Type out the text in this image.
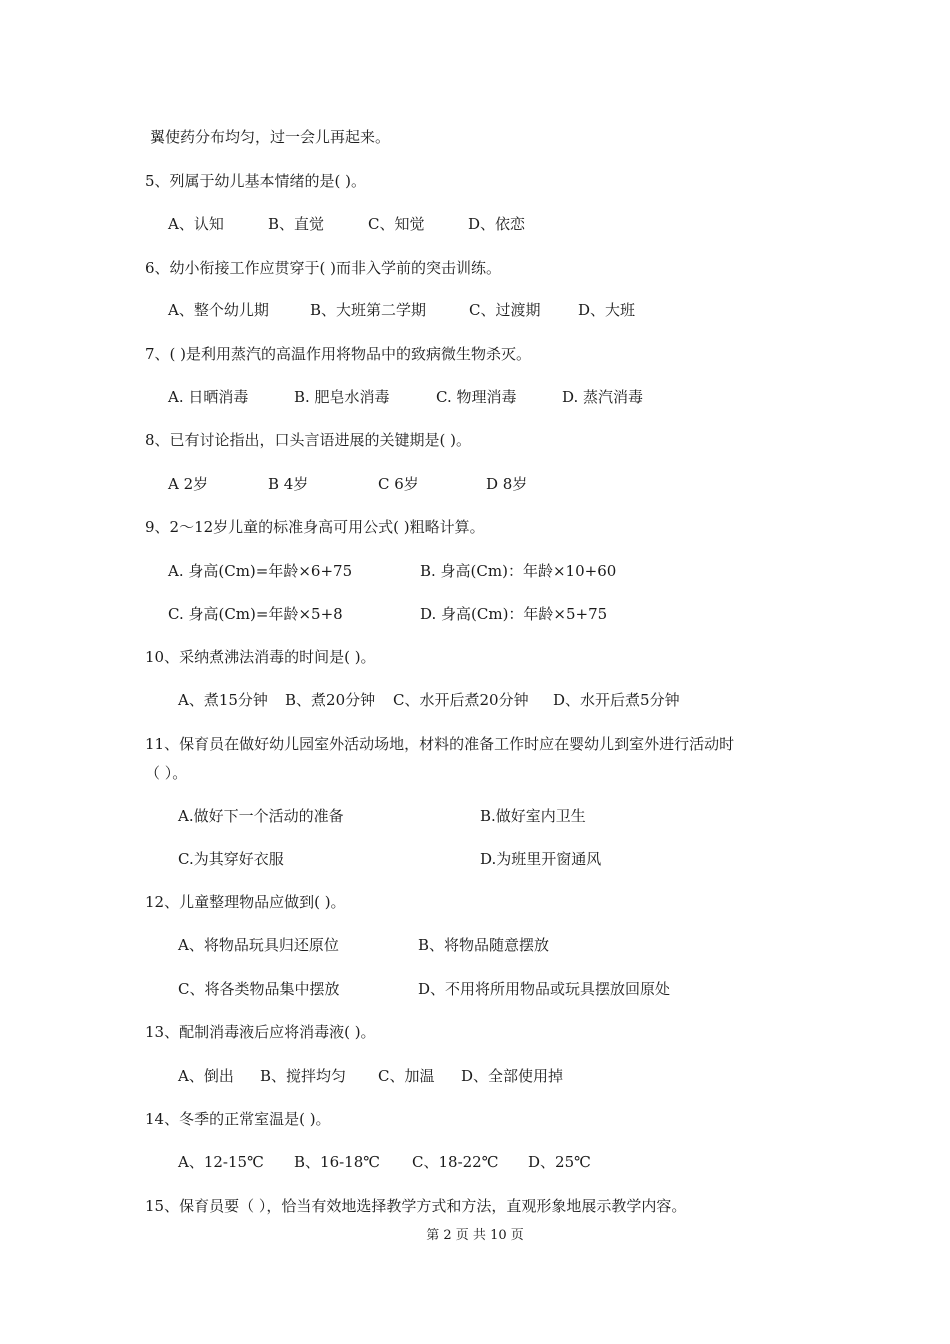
翼使药分布均匀，过一会儿再起来。
5、列属于幼儿基本情绪的是( )。
A、认知	B、直觉	C、知觉	D、依恋
6、幼小衔接工作应贯穿于( )而非入学前的突击训练。
A、整个幼儿期	B、大班第二学期	C、过渡期	D、大班
7、( )是利用蒸汽的高温作用将物品中的致病微生物杀灭。
A. 日晒消毒	B. 肥皂水消毒	C. 物理消毒	D. 蒸汽消毒
8、已有讨论指出，口头言语进展的关键期是( )。
A 2岁	B 4岁	C 6岁	D 8岁
9、2～12岁儿童的标准身高可用公式( )粗略计算。
A. 身高(Cm)=年龄×6+75	B. 身高(Cm)：年龄×10+60
C. 身高(Cm)=年龄×5+8	D. 身高(Cm)：年龄×5+75
10、采纳煮沸法消毒的时间是( )。
A、煮15分钟 B、煮20分钟 C、水开后煮20分钟 D、水开后煮5分钟
11、保育员在做好幼儿园室外活动场地，材料的准备工作时应在婴幼儿到室外进行活动时
（ ）。
A.做好下一个活动的准备	B.做好室内卫生
C.为其穿好衣服	D.为班里开窗通风
12、儿童整理物品应做到( )。
A、将物品玩具归还原位	B、将物品随意摆放
C、将各类物品集中摆放	D、不用将所用物品或玩具摆放回原处
13、配制消毒液后应将消毒液( )。
A、倒出 B、搅拌均匀 C、加温 D、全部使用掉
14、冬季的正常室温是( )。
A、12-15℃ B、16-18℃ C、18-22℃ D、25℃
15、保育员要（ ），恰当有效地选择教学方式和方法，直观形象地展示教学内容。
第 2 页 共 10 页
